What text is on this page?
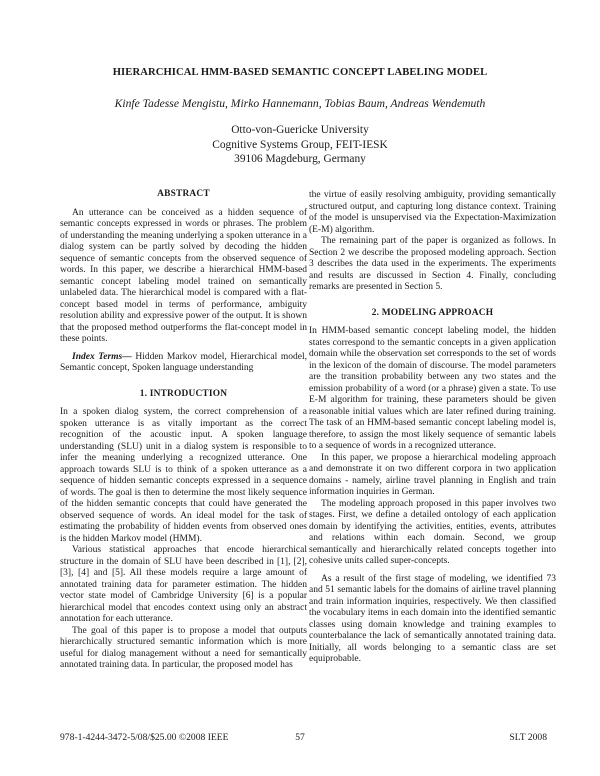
HIERARCHICAL HMM-BASED SEMANTIC CONCEPT LABELING MODEL
Kinfe Tadesse Mengistu, Mirko Hannemann, Tobias Baum, Andreas Wendemuth
Otto-von-Guericke University
Cognitive Systems Group, FEIT-IESK
39106 Magdeburg, Germany
ABSTRACT

An utterance can be conceived as a hidden sequence of semantic concepts expressed in words or phrases. The problem of understanding the meaning underlying a spoken utterance in a dialog system can be partly solved by decoding the hidden sequence of semantic concepts from the observed sequence of words. In this paper, we describe a hierarchical HMM-based semantic concept labeling model trained on semantically unlabeled data. The hierarchical model is compared with a flat-concept based model in terms of performance, ambiguity resolution ability and expressive power of the output. It is shown that the proposed method outperforms the flat-concept model in these points.

Index Terms— Hidden Markov model, Hierarchical model, Semantic concept, Spoken language understanding

1. INTRODUCTION

In a spoken dialog system, the correct comprehension of a spoken utterance is as vitally important as the correct recognition of the acoustic input. A spoken language understanding (SLU) unit in a dialog system is responsible to infer the meaning underlying a recognized utterance. One approach towards SLU is to think of a spoken utterance as a sequence of hidden semantic concepts expressed in a sequence of words. The goal is then to determine the most likely sequence of the hidden semantic concepts that could have generated the observed sequence of words. An ideal model for the task of estimating the probability of hidden events from observed ones is the hidden Markov model (HMM).

Various statistical approaches that encode hierarchical structure in the domain of SLU have been described in [1], [2], [3], [4] and [5]. All these models require a large amount of annotated training data for parameter estimation. The hidden vector state model of Cambridge University [6] is a popular hierarchical model that encodes context using only an abstract annotation for each utterance.

The goal of this paper is to propose a model that outputs hierarchically structured semantic information which is more useful for dialog management without a need for semantically annotated training data. In particular, the proposed model has

the virtue of easily resolving ambiguity, providing semantically structured output, and capturing long distance context. Training of the model is unsupervised via the Expectation-Maximization (E-M) algorithm.

The remaining part of the paper is organized as follows. In Section 2 we describe the proposed modeling approach. Section 3 describes the data used in the experiments. The experiments and results are discussed in Section 4. Finally, concluding remarks are presented in Section 5.

2. MODELING APPROACH

In HMM-based semantic concept labeling model, the hidden states correspond to the semantic concepts in a given application domain while the observation set corresponds to the set of words in the lexicon of the domain of discourse. The model parameters are the transition probability between any two states and the emission probability of a word (or a phrase) given a state. To use E-M algorithm for training, these parameters should be given reasonable initial values which are later refined during training. The task of an HMM-based semantic concept labeling model is, therefore, to assign the most likely sequence of semantic labels to a sequence of words in a recognized utterance.

In this paper, we propose a hierarchical modeling approach and demonstrate it on two different corpora in two application domains - namely, airline travel planning in English and train information inquiries in German.

The modeling approach proposed in this paper involves two stages. First, we define a detailed ontology of each application domain by identifying the activities, entities, events, attributes and relations within each domain. Second, we group semantically and hierarchically related concepts together into cohesive units called super-concepts.

As a result of the first stage of modeling, we identified 73 and 51 semantic labels for the domains of airline travel planning and train information inquiries, respectively. We then classified the vocabulary items in each domain into the identified semantic classes using domain knowledge and training examples to counterbalance the lack of semantically annotated training data. Initially, all words belonging to a semantic class are set equiprobable.

978-1-4244-3472-5/08/$25.00 ©2008 IEEE	57	SLT 2008
